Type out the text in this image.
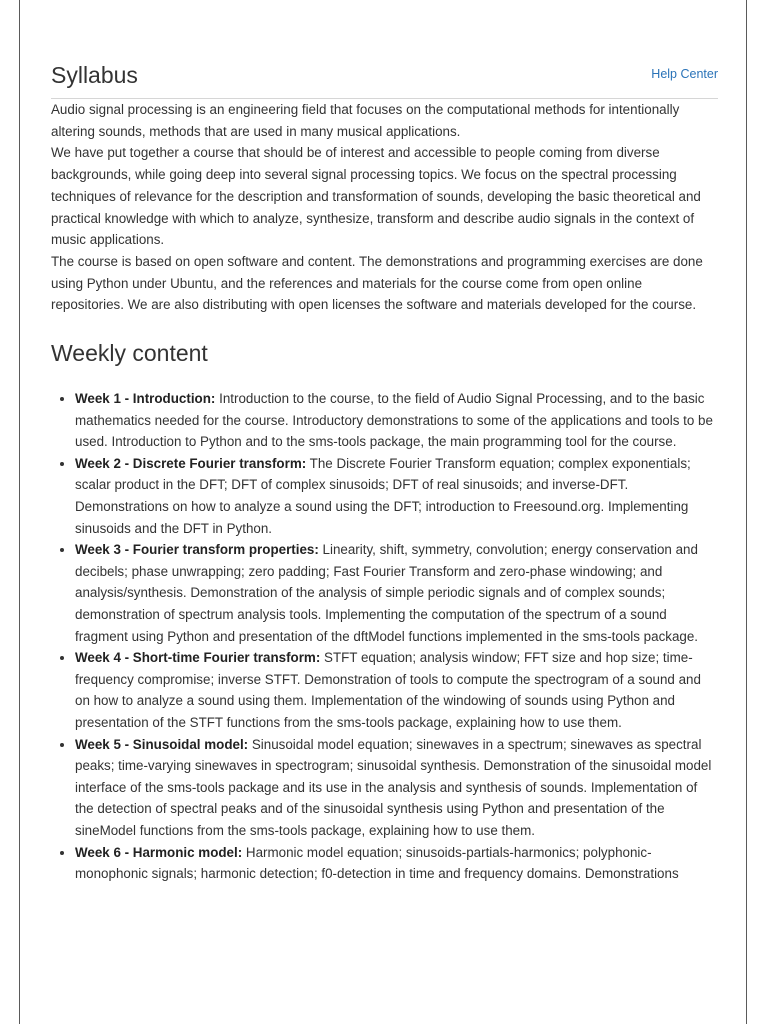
Syllabus	Help Center

Audio signal processing is an engineering field that focuses on the computational methods for intentionally altering sounds, methods that are used in many musical applications.

We have put together a course that should be of interest and accessible to people coming from diverse backgrounds, while going deep into several signal processing topics. We focus on the spectral processing techniques of relevance for the description and transformation of sounds, developing the basic theoretical and practical knowledge with which to analyze, synthesize, transform and describe audio signals in the context of music applications.

The course is based on open software and content. The demonstrations and programming exercises are done using Python under Ubuntu, and the references and materials for the course come from open online repositories. We are also distributing with open licenses the software and materials developed for the course.

Weekly content
• Week 1 - Introduction: Introduction to the course, to the field of Audio Signal Processing, and to the basic mathematics needed for the course. Introductory demonstrations to some of the applications and tools to be used. Introduction to Python and to the sms-tools package, the main programming tool for the course.
• Week 2 - Discrete Fourier transform: The Discrete Fourier Transform equation; complex exponentials; scalar product in the DFT; DFT of complex sinusoids; DFT of real sinusoids; and inverse-DFT. Demonstrations on how to analyze a sound using the DFT; introduction to Freesound.org. Implementing sinusoids and the DFT in Python.
• Week 3 - Fourier transform properties: Linearity, shift, symmetry, convolution; energy conservation and decibels; phase unwrapping; zero padding; Fast Fourier Transform and zero-phase windowing; and analysis/synthesis. Demonstration of the analysis of simple periodic signals and of complex sounds; demonstration of spectrum analysis tools. Implementing the computation of the spectrum of a sound fragment using Python and presentation of the dftModel functions implemented in the sms-tools package.
• Week 4 - Short-time Fourier transform: STFT equation; analysis window; FFT size and hop size; time-frequency compromise; inverse STFT. Demonstration of tools to compute the spectrogram of a sound and on how to analyze a sound using them. Implementation of the windowing of sounds using Python and presentation of the STFT functions from the sms-tools package, explaining how to use them.
• Week 5 - Sinusoidal model: Sinusoidal model equation; sinewaves in a spectrum; sinewaves as spectral peaks; time-varying sinewaves in spectrogram; sinusoidal synthesis. Demonstration of the sinusoidal model interface of the sms-tools package and its use in the analysis and synthesis of sounds. Implementation of the detection of spectral peaks and of the sinusoidal synthesis using Python and presentation of the sineModel functions from the sms-tools package, explaining how to use them.
• Week 6 - Harmonic model: Harmonic model equation; sinusoids-partials-harmonics; polyphonic-monophonic signals; harmonic detection; f0-detection in time and frequency domains. Demonstrations
